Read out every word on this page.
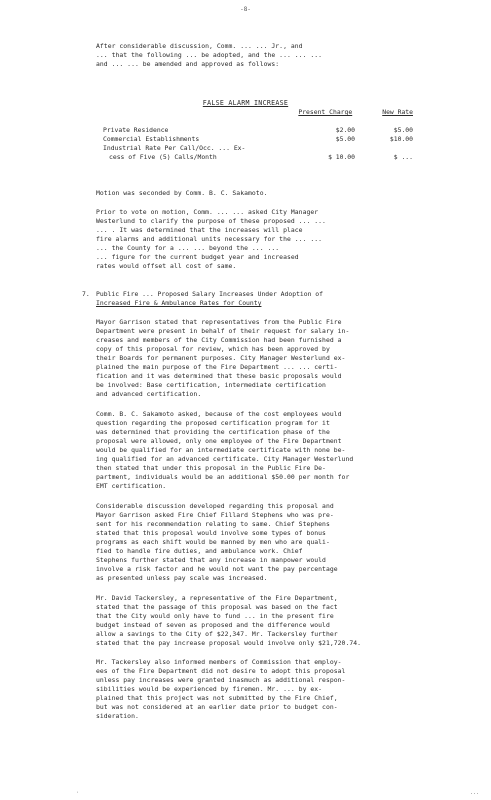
-8-
After considerable discussion, Comm. ... ... Jr., and
... that the following ... be adopted, and the ... ... ...
and ... ... be amended and approved as follows:
FALSE ALARM INCREASE
Present Charge	New Rate
Private Residence	$2.00	$5.00
Commercial Establishments	$5.00	$10.00
Industrial Rate Per Call/Occ. ... Ex-
cess of Five (5) Calls/Month	$ 10.00	$ ...
Motion was seconded by Comm. B. C. Sakamoto.
Prior to vote on motion, Comm. ... ... asked City Manager
Westerlund to clarify the purpose of these proposed ... ...
... . It was determined that the increases will place
fire alarms and additional units necessary for the ... ...
... the County for a ... ... beyond the ... ...
... figure for the current budget year and increased
rates would offset all cost of same.
7. Public Fire ... Proposed Salary Increases Under Adoption of
Increased Fire & Ambulance Rates for County
Mayor Garrison stated that representatives from the Public Fire
Department were present in behalf of their request for salary in-
creases and members of the City Commission had been furnished a
copy of this proposal for review, which has been approved by
their Boards for permanent purposes. City Manager Westerlund ex-
plained the main purpose of the Fire Department ... ... certi-
fication and it was determined that these basic proposals would
be involved: Base certification, intermediate certification
and advanced certification.
Comm. B. C. Sakamoto asked, because of the cost employees would
question regarding the proposed certification program for it
was determined that providing the certification phase of the
proposal were allowed, only one employee of the Fire Department
would be qualified for an intermediate certificate with none be-
ing qualified for an advanced certificate. City Manager Westerlund
then stated that under this proposal in the Public Fire De-
partment, individuals would be an additional $50.00 per month for
EMT certification.
Considerable discussion developed regarding this proposal and
Mayor Garrison asked Fire Chief Fillard Stephens who was pre-
sent for his recommendation relating to same. Chief Stephens
stated that this proposal would involve some types of bonus
programs as each shift would be manned by men who are quali-
fied to handle fire duties, and ambulance work. Chief
Stephens further stated that any increase in manpower would
involve a risk factor and he would not want the pay percentage
as presented unless pay scale was increased.
Mr. David Tackersley, a representative of the Fire Department,
stated that the passage of this proposal was based on the fact
that the City would only have to fund ... in the present fire
budget instead of seven as proposed and the difference would
allow a savings to the City of $22,347. Mr. Tackersley further
stated that the pay increase proposal would involve only $21,720.74.
Mr. Tackersley also informed members of Commission that employ-
ees of the Fire Department did not desire to adopt this proposal
unless pay increases were granted inasmuch as additional respon-
sibilities would be experienced by firemen. Mr. ... by ex-
plained that this project was not submitted by the Fire Chief,
but was not considered at an earlier date prior to budget con-
sideration.
·	...
